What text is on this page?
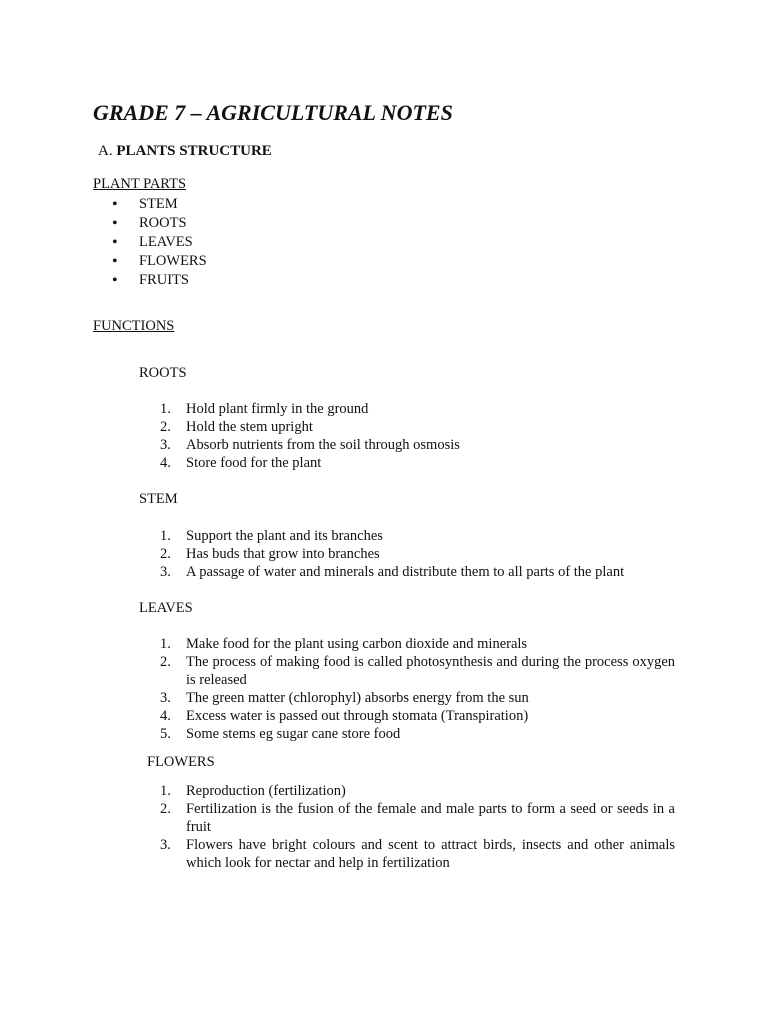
GRADE 7 – AGRICULTURAL NOTES
A. PLANTS STRUCTURE
PLANT PARTS
• STEM
• ROOTS
• LEAVES
• FLOWERS
• FRUITS
FUNCTIONS
ROOTS
1. Hold plant firmly in the ground
2. Hold the stem upright
3. Absorb nutrients from the soil through osmosis
4. Store food for the plant
STEM
1. Support the plant and its branches
2. Has buds that grow into branches
3. A passage of water and minerals and distribute them to all parts of the plant
LEAVES
1. Make food for the plant using carbon dioxide and minerals
2. The process of making food is called photosynthesis and during the process oxygen is released
3. The green matter (chlorophyl) absorbs energy from the sun
4. Excess water is passed out through stomata (Transpiration)
5. Some stems eg sugar cane store food
FLOWERS
1. Reproduction (fertilization)
2. Fertilization is the fusion of the female and male parts to form a seed or seeds in a fruit
3. Flowers have bright colours and scent to attract birds, insects and other animals which look for nectar and help in fertilization
